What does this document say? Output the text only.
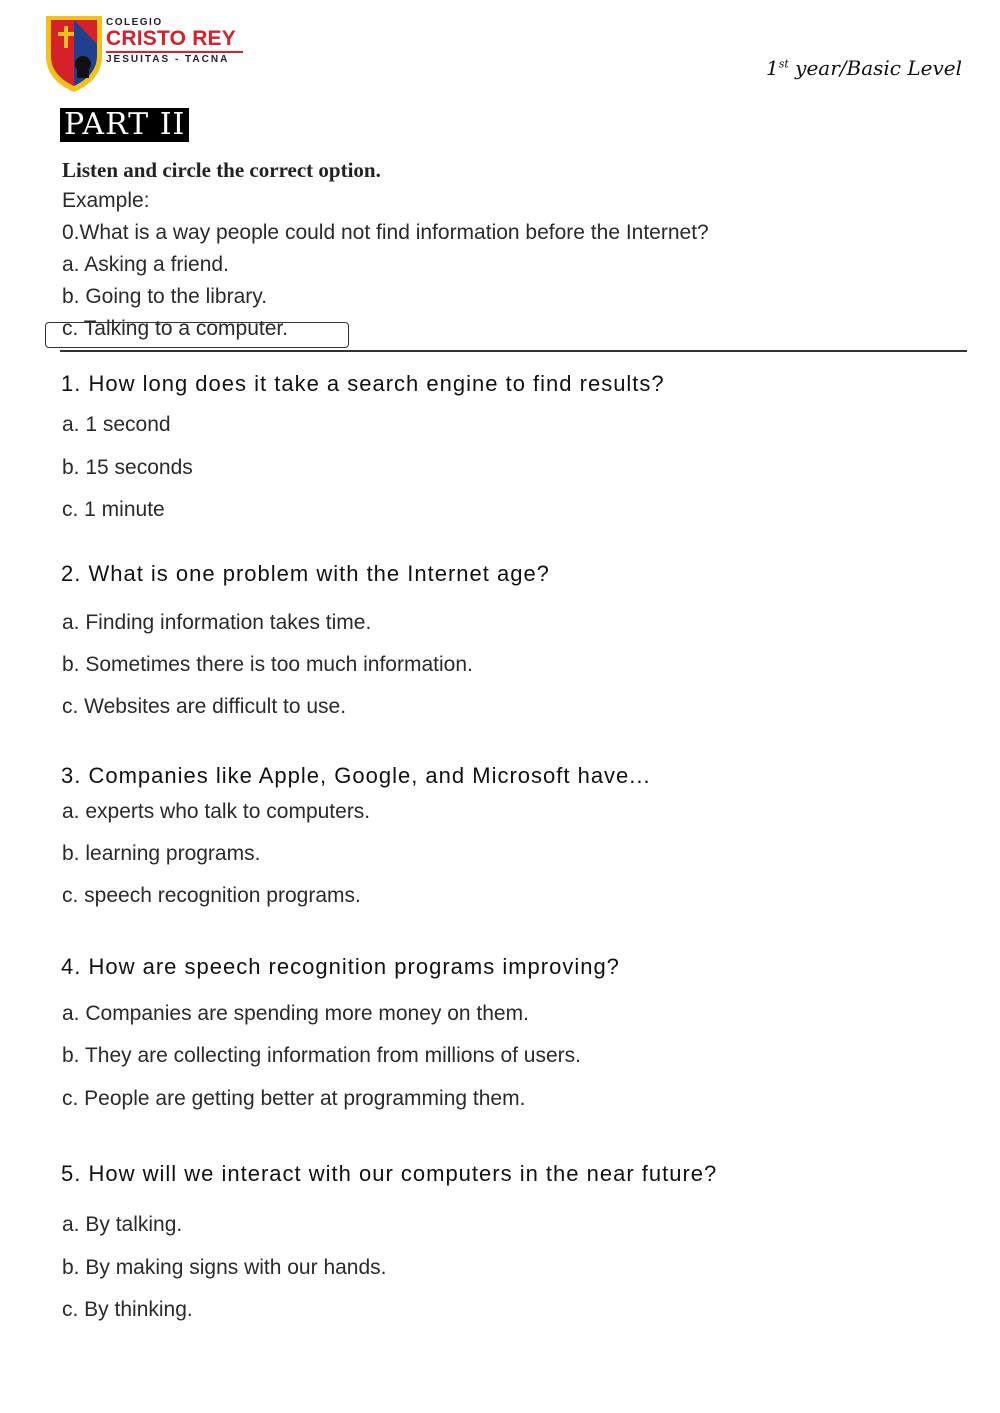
COLEGIO
CRISTO REY
JESUITAS - TACNA	1st year/Basic Level
PART II
Listen and circle the correct option.
Example:
0.What is a way people could not find information before the Internet?
a. Asking a friend.
b. Going to the library.
c. Talking to a computer.
1. How long does it take a search engine to find results?
a. 1 second
b. 15 seconds
c. 1 minute
2. What is one problem with the Internet age?
a. Finding information takes time.
b. Sometimes there is too much information.
c. Websites are difficult to use.
3. Companies like Apple, Google, and Microsoft have...
a. experts who talk to computers.
b. learning programs.
c. speech recognition programs.
4. How are speech recognition programs improving?
a. Companies are spending more money on them.
b. They are collecting information from millions of users.
c. People are getting better at programming them.
5. How will we interact with our computers in the near future?
a. By talking.
b. By making signs with our hands.
c. By thinking.
